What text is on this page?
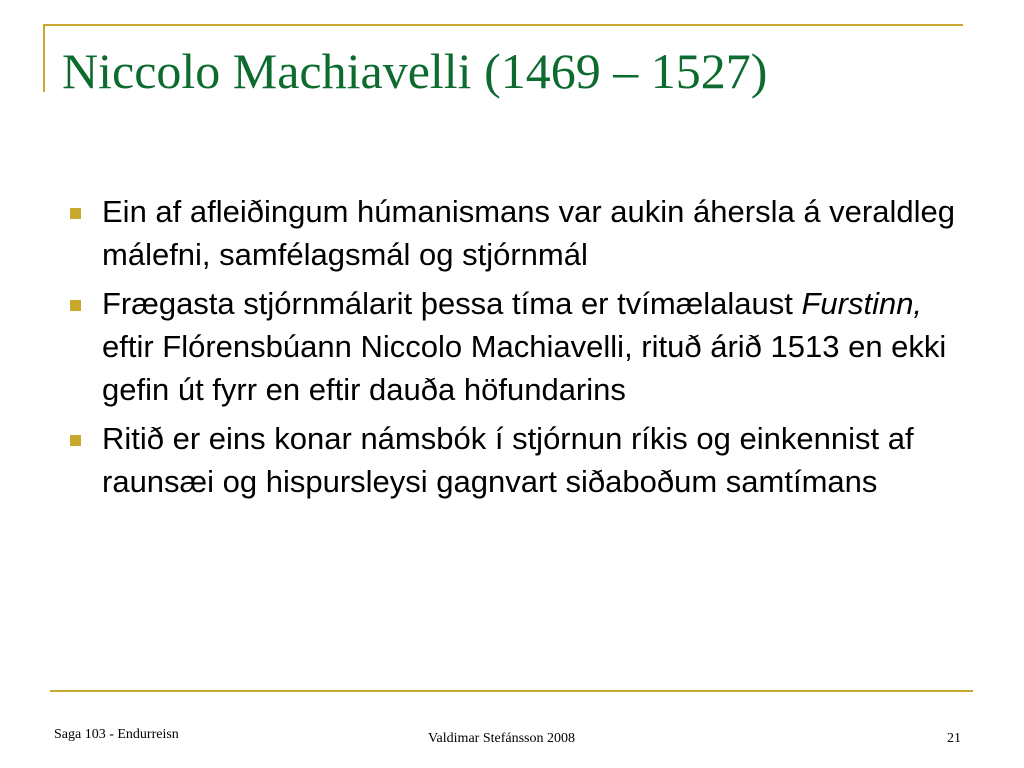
Niccolo Machiavelli (1469 – 1527)
Ein af afleiðingum húmanismans var aukin áhersla á veraldleg málefni, samfélagsmál og stjórnmál
Frægasta stjórnmálarit þessa tíma er tvímælalaust Furstinn, eftir Flórensbúann Niccolo Machiavelli, rituð árið 1513 en ekki gefin út fyrr en eftir dauða höfundarins
Ritið er eins konar námsbók í stjórnun ríkis og einkennist af raunsæi og hispursleysi gagnvart siðaboðum samtímans
Saga 103 - Endurreisn	Valdimar Stefánsson 2008	21
